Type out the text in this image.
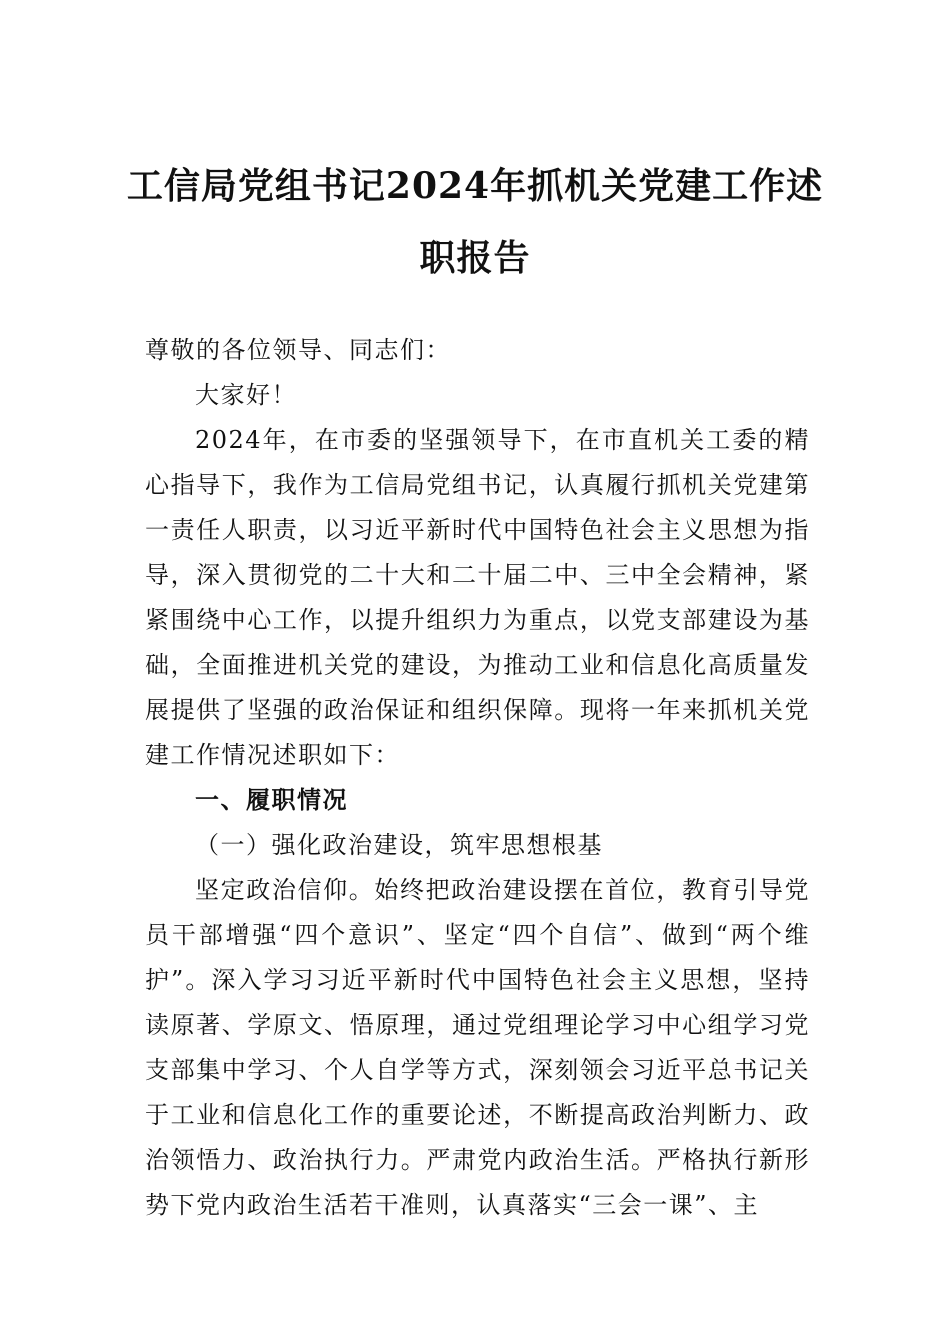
工信局党组书记2024年抓机关党建工作述
职报告

尊敬的各位领导、同志们：

大家好！

2024年，在市委的坚强领导下，在市直机关工委的精心指导下，我作为工信局党组书记，认真履行抓机关党建第一责任人职责，以习近平新时代中国特色社会主义思想为指导，深入贯彻党的二十大和二十届二中、三中全会精神，紧紧围绕中心工作，以提升组织力为重点，以党支部建设为基础，全面推进机关党的建设，为推动工业和信息化高质量发展提供了坚强的政治保证和组织保障。现将一年来抓机关党建工作情况述职如下：

一、履职情况

（一）强化政治建设，筑牢思想根基

坚定政治信仰。始终把政治建设摆在首位，教育引导党员干部增强“四个意识”、坚定“四个自信”、做到“两个维护”。深入学习习近平新时代中国特色社会主义思想，坚持读原著、学原文、悟原理，通过党组理论学习中心组学习党支部集中学习、个人自学等方式，深刻领会习近平总书记关于工业和信息化工作的重要论述，不断提高政治判断力、政治领悟力、政治执行力。严肃党内政治生活。严格执行新形势下党内政治生活若干准则，认真落实“三会一课”、主
